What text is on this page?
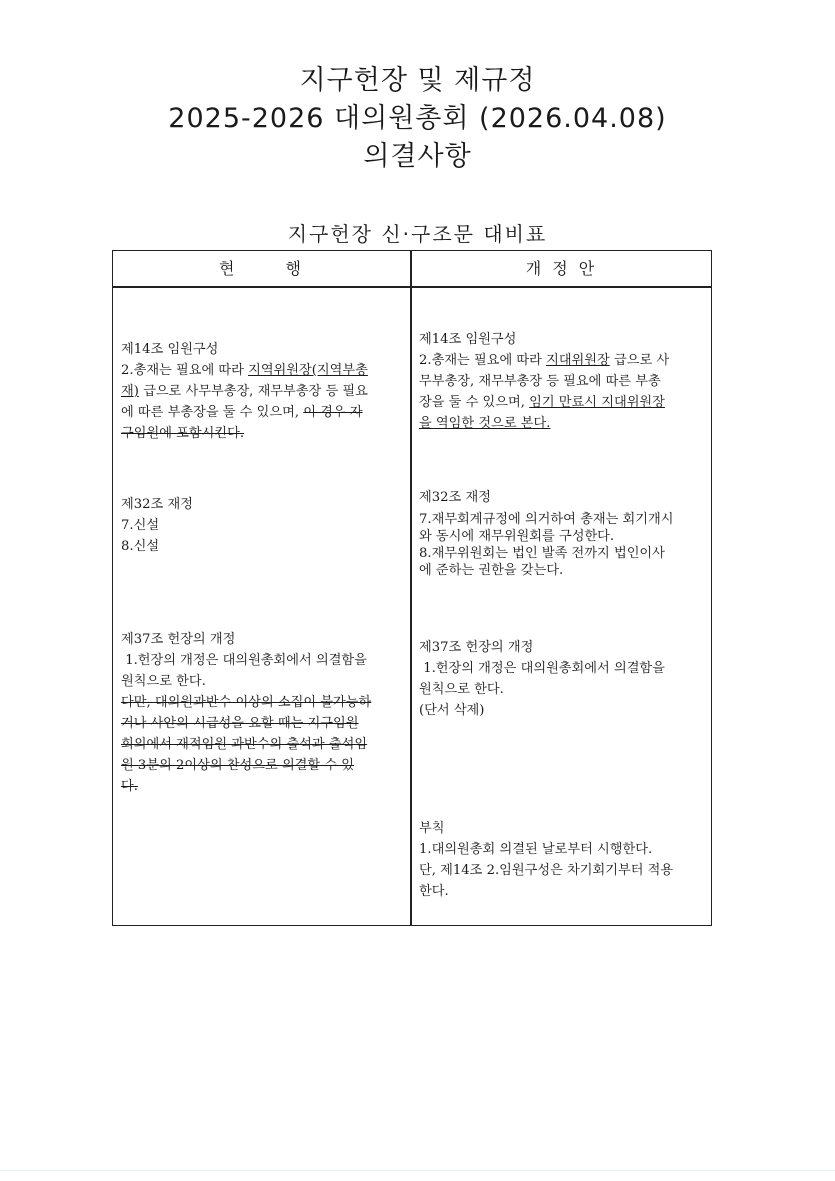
지구헌장 및 제규정
2025-2026 대의원총회 (2026.04.08)
의결사항
지구헌장 신·구조문 대비표
현 행	개 정 안

제14조 임원구성

2.총재는 필요에 따라 지역위원장(지역부총

재) 급으로 사무부총장, 재무부총장 등 필요

에 따른 부총장을 둘 수 있으며, 이 경우 자

구임원에 포함시킨다.

제32조 재정

7.신설

8.신설

제37조 헌장의 개정

1.헌장의 개정은 대의원총회에서 의결함을

원칙으로 한다.

다만, 대의원과반수 이상의 소집이 불가능하

거나 사안의 시급성을 요할 때는 지구임원

회의에서 재적임원 과반수의 출석과 출석임

원 3분의 2이상의 찬성으로 의결할 수 있

다.

제14조 임원구성

2.총재는 필요에 따라 지대위원장 급으로 사

무부총장, 재무부총장 등 필요에 따른 부총

장을 둘 수 있으며, 임기 만료시 지대위원장

을 역임한 것으로 본다.

제32조 재정

7.재무회계규정에 의거하여 총재는 회기개시

와 동시에 재무위원회를 구성한다.

8.재무위원회는 법인 발족 전까지 법인이사

에 준하는 권한을 갖는다.

제37조 헌장의 개정

1.헌장의 개정은 대의원총회에서 의결함을

원칙으로 한다.

(단서 삭제)

부칙

1.대의원총회 의결된 날로부터 시행한다.

단, 제14조 2.임원구성은 차기회기부터 적용

한다.
